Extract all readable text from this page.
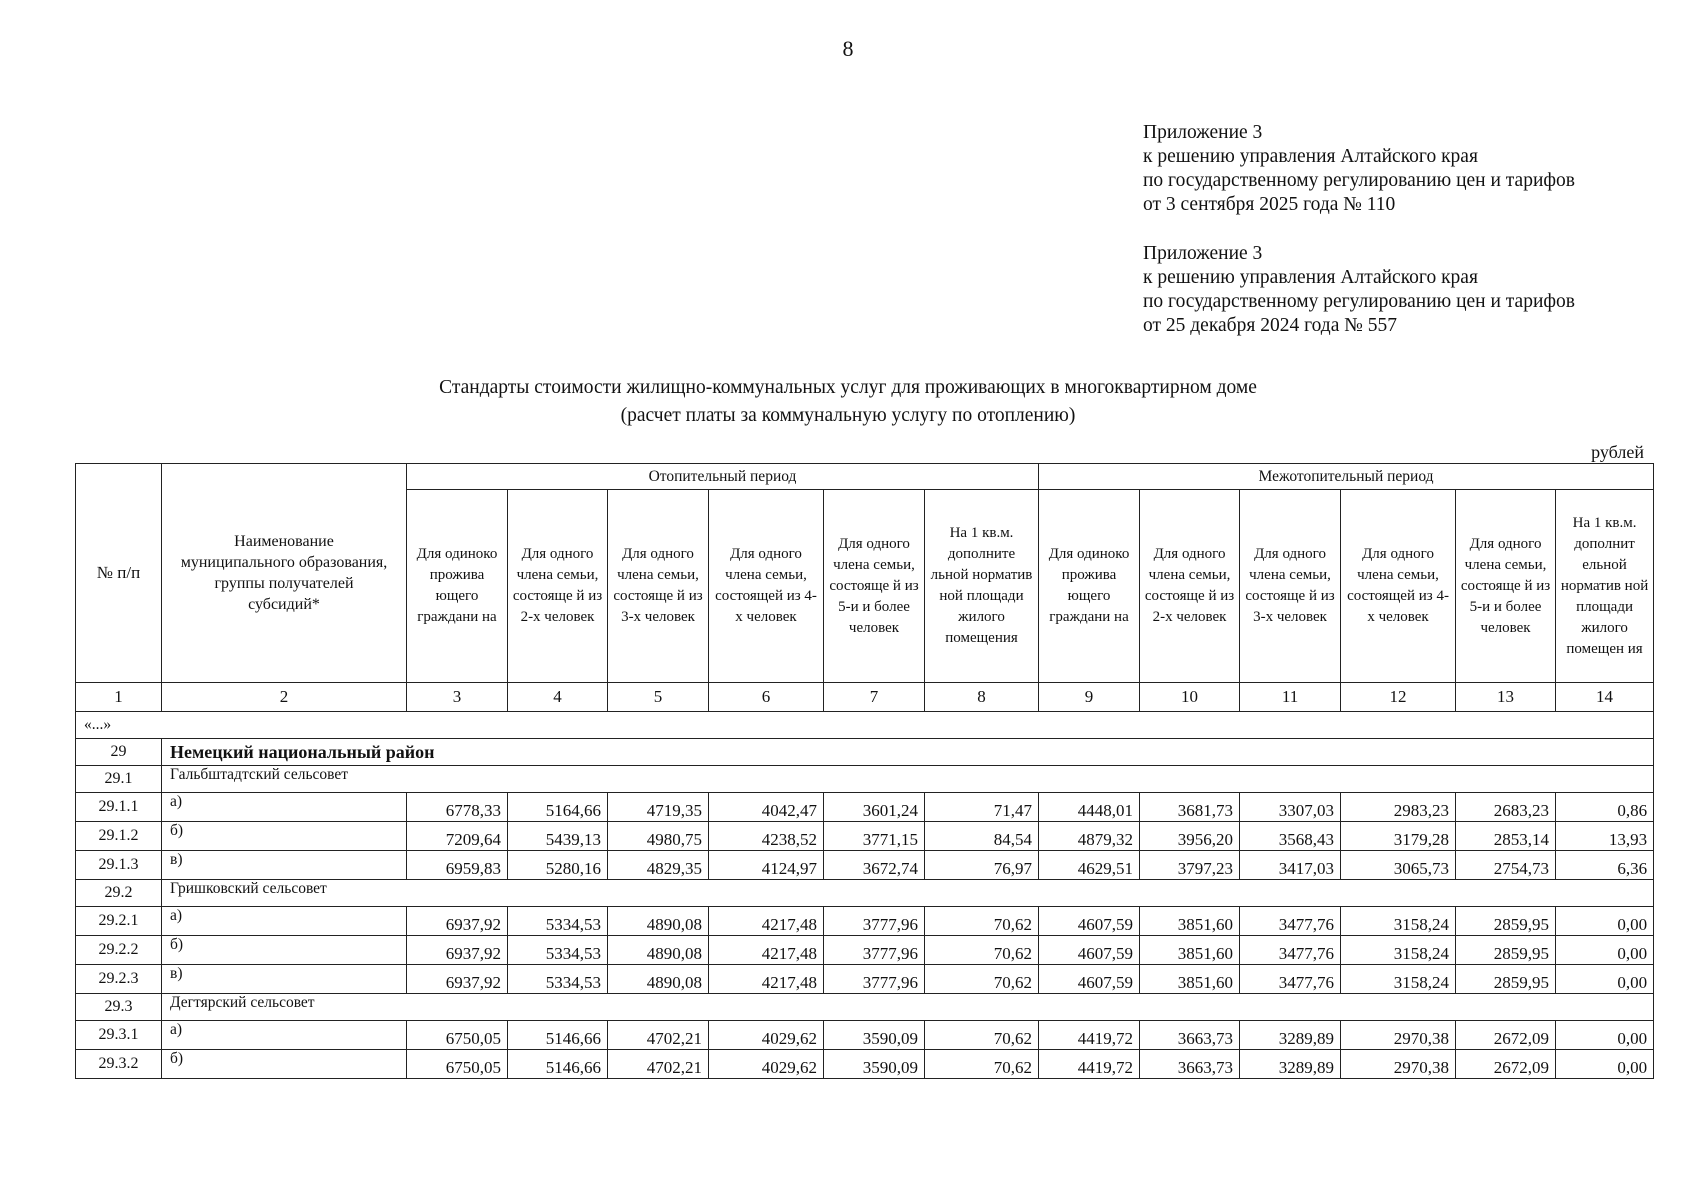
8
Приложение 3
к решению управления Алтайского края
по государственному регулированию цен и тарифов
от 3 сентября 2025 года № 110
Приложение 3
к решению управления Алтайского края
по государственному регулированию цен и тарифов
от 25 декабря 2024 года № 557
Стандарты стоимости жилищно-коммунальных услуг для проживающих в многоквартирном доме
(расчет платы за коммунальную услугу по отоплению)
рублей
№ п/п	Наименование муниципального образования, группы получателей субсидий*	Отопительный период						Межотопительный период					
		Для одиноко прожива ющего граждани на	Для одного члена семьи, состояще й из 2-х человек	Для одного члена семьи, состояще й из 3-х человек	Для одного члена семьи, состоящей из 4-х человек	Для одного члена семьи, состояще й из 5-и и более человек	На 1 кв.м. дополните льной норматив ной площади жилого помещения	Для одиноко прожива ющего граждани на	Для одного члена семьи, состояще й из 2-х человек	Для одного члена семьи, состояще й из 3-х человек	Для одного члена семьи, состоящей из 4-х человек	Для одного члена семьи, состояще й из 5-и и более человек	На 1 кв.м. дополнит ельной норматив ной площади жилого помещен ия
1	2	3	4	5	6	7	8	9	10	11	12	13	14
«...»													
29	Немецкий национальный район												
29.1	Гальбштадтский сельсовет												
29.1.1	а)	6778,33	5164,66	4719,35	4042,47	3601,24	71,47	4448,01	3681,73	3307,03	2983,23	2683,23	0,86
29.1.2	б)	7209,64	5439,13	4980,75	4238,52	3771,15	84,54	4879,32	3956,20	3568,43	3179,28	2853,14	13,93
29.1.3	в)	6959,83	5280,16	4829,35	4124,97	3672,74	76,97	4629,51	3797,23	3417,03	3065,73	2754,73	6,36
29.2	Гришковский сельсовет												
29.2.1	а)	6937,92	5334,53	4890,08	4217,48	3777,96	70,62	4607,59	3851,60	3477,76	3158,24	2859,95	0,00
29.2.2	б)	6937,92	5334,53	4890,08	4217,48	3777,96	70,62	4607,59	3851,60	3477,76	3158,24	2859,95	0,00
29.2.3	в)	6937,92	5334,53	4890,08	4217,48	3777,96	70,62	4607,59	3851,60	3477,76	3158,24	2859,95	0,00
29.3	Дегтярский сельсовет												
29.3.1	а)	6750,05	5146,66	4702,21	4029,62	3590,09	70,62	4419,72	3663,73	3289,89	2970,38	2672,09	0,00
29.3.2	б)	6750,05	5146,66	4702,21	4029,62	3590,09	70,62	4419,72	3663,73	3289,89	2970,38	2672,09	0,00
